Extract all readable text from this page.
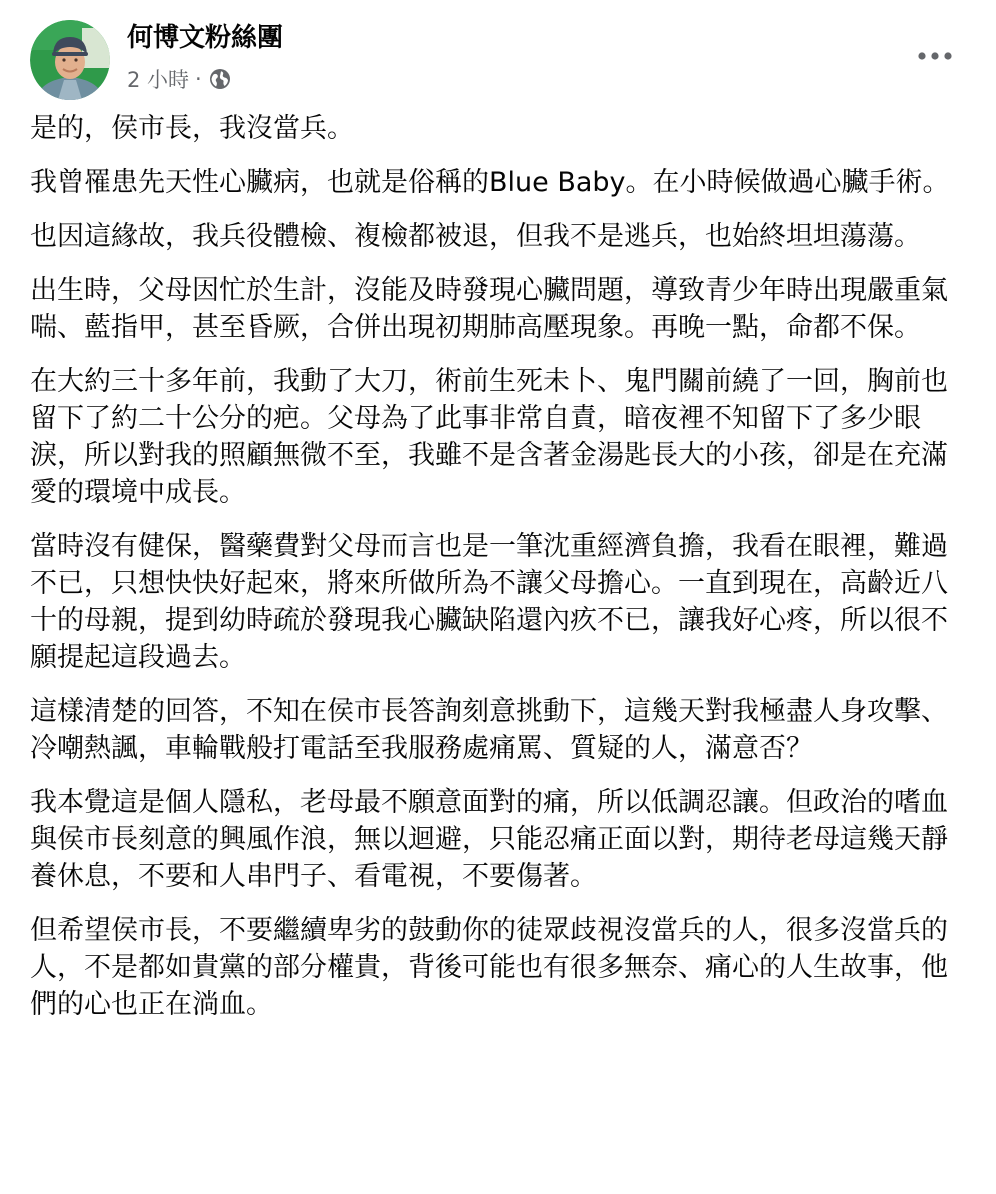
何博文粉絲團
2 小時 ·

是的，侯市長，我沒當兵。

我曾罹患先天性心臟病，也就是俗稱的Blue Baby。在小時候做過心臟手術。

也因這緣故，我兵役體檢、複檢都被退，但我不是逃兵，也始終坦坦蕩蕩。

出生時，父母因忙於生計，沒能及時發現心臟問題，導致青少年時出現嚴重氣喘、藍指甲，甚至昏厥，合併出現初期肺高壓現象。再晚一點，命都不保。

在大約三十多年前，我動了大刀，術前生死未卜、鬼門關前繞了一回，胸前也留下了約二十公分的疤。父母為了此事非常自責，暗夜裡不知留下了多少眼淚，所以對我的照顧無微不至，我雖不是含著金湯匙長大的小孩，卻是在充滿愛的環境中成長。

當時沒有健保，醫藥費對父母而言也是一筆沈重經濟負擔，我看在眼裡，難過不已，只想快快好起來，將來所做所為不讓父母擔心。一直到現在，高齡近八十的母親，提到幼時疏於發現我心臟缺陷還內疚不已，讓我好心疼，所以很不願提起這段過去。

這樣清楚的回答，不知在侯市長答詢刻意挑動下，這幾天對我極盡人身攻擊、冷嘲熱諷，車輪戰般打電話至我服務處痛罵、質疑的人，滿意否？

我本覺這是個人隱私，老母最不願意面對的痛，所以低調忍讓。但政治的嗜血與侯市長刻意的興風作浪，無以迴避，只能忍痛正面以對，期待老母這幾天靜養休息，不要和人串門子、看電視，不要傷著。

但希望侯市長，不要繼續卑劣的鼓動你的徒眾歧視沒當兵的人，很多沒當兵的人，不是都如貴黨的部分權貴，背後可能也有很多無奈、痛心的人生故事，他們的心也正在淌血。
